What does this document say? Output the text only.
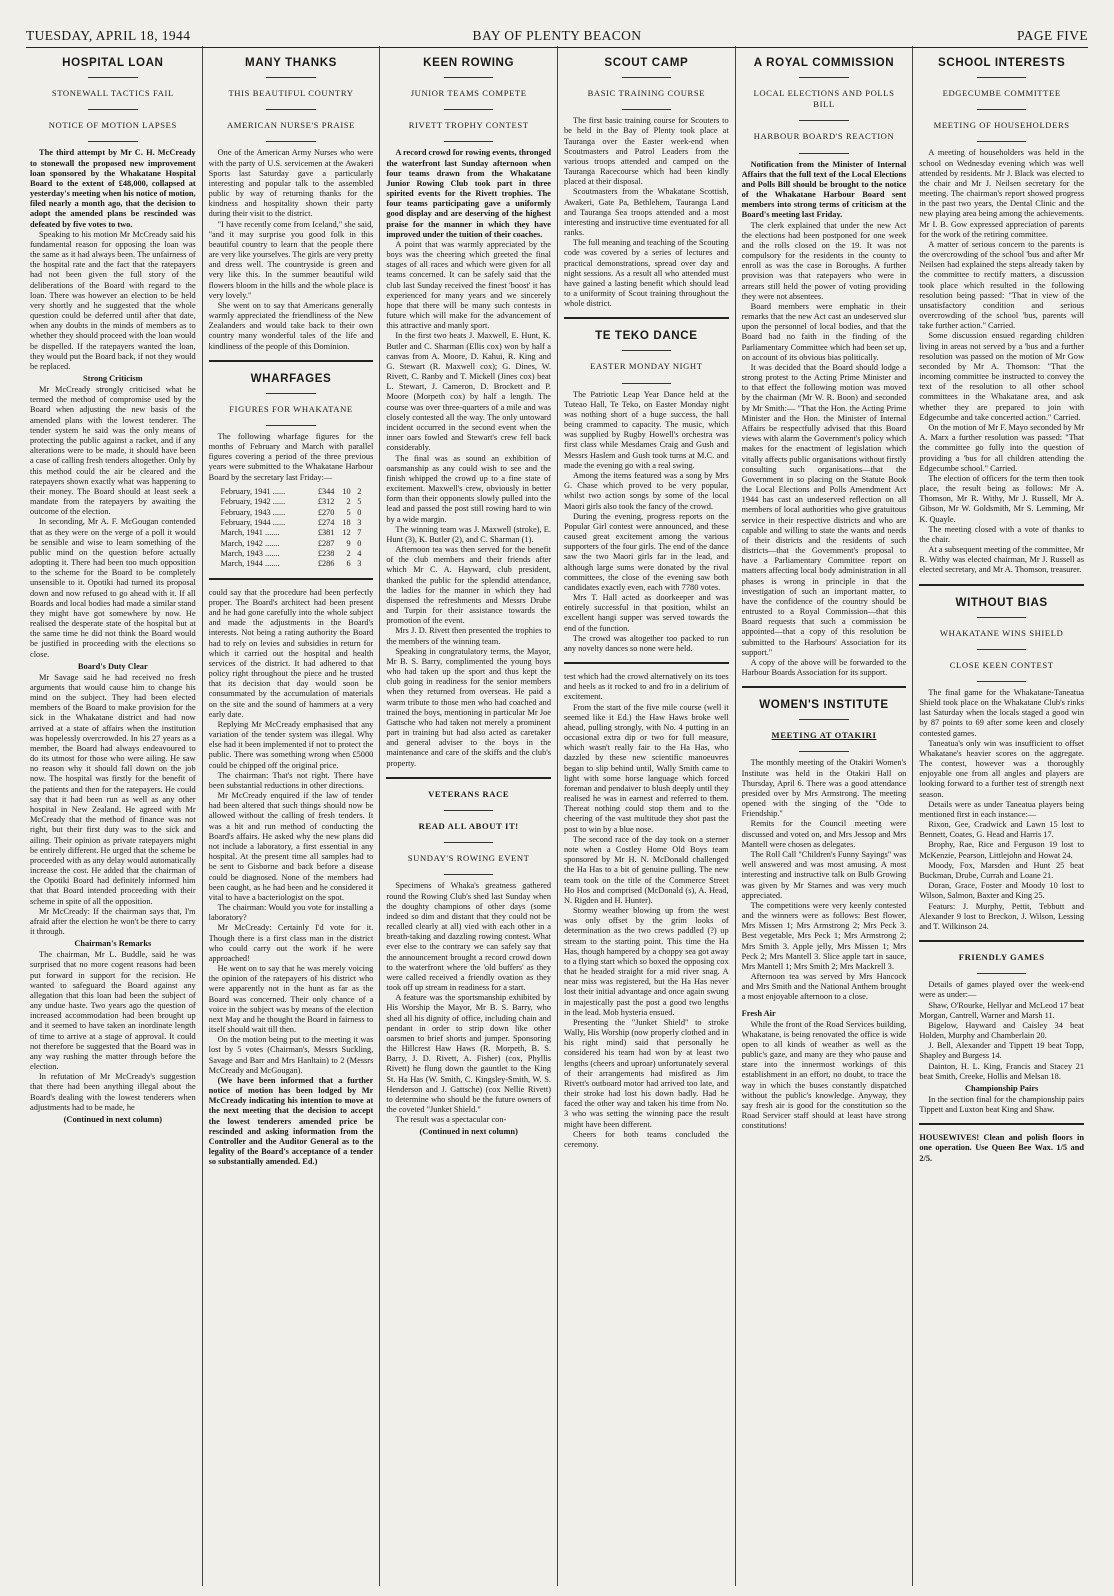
TUESDAY, APRIL 18, 1944	BAY OF PLENTY BEACON	PAGE FIVE
HOSPITAL LOAN
STONEWALL TACTICS FAIL
NOTICE OF MOTION LAPSES

The third attempt by Mr C. H. McCready to stonewall the proposed new improvement loan sponsored by the Whakatane Hospital Board to the extent of £48,000, collapsed at yesterday's meeting when his notice of motion, filed nearly a month ago, that the decision to adopt the amended plans be rescinded was defeated by five votes to two.

Speaking to his motion Mr McCready said his fundamental reason for opposing the loan was the same as it had always been. The unfairness of the hospital rate and the fact that the ratepayers had not been given the full story of the deliberations of the Board with regard to the loan. There was however an election to be held very shortly and he suggested that the whole question could be deferred until after that date, when any doubts in the minds of members as to whether they should proceed with the loan would be dispelled. If the ratepayers wanted the loan, they would put the Board back, if not they would be replaced.

Strong Criticism

Mr McCready strongly criticised what he termed the method of compromise used by the Board when adjusting the new basis of the amended plans with the lowest tenderer. The tender system he said was the only means of protecting the public against a racket, and if any alterations were to be made, it should have been a case of calling fresh tenders altogether. Only by this method could the air be cleared and the ratepayers shown exactly what was happening to their money. The Board should at least seek a mandate from the ratepayers by awaiting the outcome of the election.

In seconding, Mr A. F. McGougan contended that as they were on the verge of a poll it would be sensible and wise to learn something of the public mind on the question before actually adopting it. There had been too much opposition to the scheme for the Board to be completely unsensible to it. Opotiki had turned its proposal down and now refused to go ahead with it. If all Boards and local bodies had made a similar stand they might have got somewhere by now. He realised the desperate state of the hospital but at the same time he did not think the Board would be justified in proceeding with the elections so close.

Board's Duty Clear

Mr Savage said he had received no fresh arguments that would cause him to change his mind on the subject. They had been elected members of the Board to make provision for the sick in the Whakatane district and had now arrived at a state of affairs when the institution was hopelessly overcrowded. In his 27 years as a member, the Board had always endeavoured to do its utmost for those who were ailing. He saw no reason why it should fall down on the job now. The hospital was firstly for the benefit of the patients and then for the ratepayers. He could say that it had been run as well as any other hospital in New Zealand. He agreed with Mr McCready that the method of finance was not right, but their first duty was to the sick and ailing. Their opinion as private ratepayers might be entirely different. He urged that the scheme be proceeded with as any delay would automatically increase the cost. He added that the chairman of the Opotiki Board had definitely informed him that that Board intended proceeding with their scheme in spite of all the opposition.

Mr McCready: If the chairman says that, I'm afraid after the election he won't be there to carry it through.

Chairman's Remarks

The chairman, Mr L. Buddle, said he was surprised that no more cogent reasons had been put forward in support for the recision. He wanted to safeguard the Board against any allegation that this loan had been the subject of any undue haste. Two years ago the question of increased accommodation had been brought up and it seemed to have taken an inordinate length of time to arrive at a stage of approval. It could not therefore be suggested that the Board was in any way rushing the matter through before the election.

In refutation of Mr McCready's suggestion that there had been anything illegal about the Board's dealing with the lowest tenderers when adjustments had to be made, he

(Continued in next column)
MANY THANKS
THIS BEAUTIFUL COUNTRY
AMERICAN NURSE'S PRAISE

One of the American Army Nurses who were with the party of U.S. servicemen at the Awakeri Sports last Saturday gave a particularly interesting and popular talk to the assembled public by way of returning thanks for the kindness and hospitality shown their party during their visit to the district.

"I have recently come from Iceland," she said, "and it may surprise you good folk in this beautiful country to learn that the people there are very like yourselves. The girls are very pretty and dress well. The countryside is green and very like this. In the summer beautiful wild flowers bloom in the hills and the whole place is very lovely."

She went on to say that Americans generally warmly appreciated the friendliness of the New Zealanders and would take back to their own country many wonderful tales of the life and kindliness of the people of this Dominion.

WHARFAGES
FIGURES FOR WHAKATANE

The following wharfage figures for the months of February and March with parallel figures covering a period of the three previous years were submitted to the Whakatane Harbour Board by the secretary last Friday:—

February, 1941 ......	£344	10	2
February, 1942 ......	£312	2	5
February, 1943 ......	£270	5	0
February, 1944 ......	£274	18	3
March, 1941 .......	£381	12	7
March, 1942 .......	£287	9	0
March, 1943 .......	£238	2	4
March, 1944 .......	£286	6	3

could say that the procedure had been perfectly proper. The Board's architect had been present and he had gone carefully into the whole subject and made the adjustments in the Board's interests. Not being a rating authority the Board had to rely on levies and subsidies in return for which it carried out the hospital and health services of the district. It had adhered to that policy right throughout the piece and he trusted that its decision that day would soon be consummated by the accumulation of materials on the site and the sound of hammers at a very early date.

Replying Mr McCready emphasised that any variation of the tender system was illegal. Why else had it been implemented if not to protect the public. There was something wrong when £5000 could be chipped off the original price.

The chairman: That's not right. There have been substantial reductions in other directions.

Mr McCready enquired if the law of tender had been altered that such things should now be allowed without the calling of fresh tenders. It was a hit and run method of conducting the Board's affairs. He asked why the new plans did not include a laboratory, a first essential in any hospital. At the present time all samples had to be sent to Gisborne and back before a disease could be diagnosed. None of the members had been caught, as he had been and he considered it vital to have a bacteriologist on the spot.

The chairman: Would you vote for installing a laboratory?

Mr McCready: Certainly I'd vote for it. Though there is a first class man in the district who could carry out the work if he were approached!

He went on to say that he was merely voicing the opinion of the ratepayers of his district who were apparently not in the hunt as far as the Board was concerned. Their only chance of a voice in the subject was by means of the election next May and he thought the Board in fairness to itself should wait till then.

On the motion being put to the meeting it was lost by 5 votes (Chairman's, Messrs Suckling, Savage and Barr and Mrs Hanltain) to 2 (Messrs McCready and McGougan).

(We have been informed that a further notice of motion has been lodged by Mr McCready indicating his intention to move at the next meeting that the decision to accept the lowest tenderers amended price be rescinded and asking information from the Controller and the Auditor General as to the legality of the Board's acceptance of a tender so substantially amended. Ed.)

KEEN ROWING
JUNIOR TEAMS COMPETE
RIVETT TROPHY CONTEST

A record crowd for rowing events, thronged the waterfront last Sunday afternoon when four teams drawn from the Whakatane Junior Rowing Club took part in three spirited events for the Rivett trophies. The four teams participating gave a uniformly good display and are deserving of the highest praise for the manner in which they have improved under the tuition of their coaches.

A point that was warmly appreciated by the boys was the cheering which greeted the final stages of all races and which were given for all teams concerned. It can be safely said that the club last Sunday received the finest 'boost' it has experienced for many years and we sincerely hope that there will be many such contests in future which will make for the advancement of this attractive and manly sport.

In the first two heats J. Maxwell, E. Hunt, K. Butler and C. Sharman (Ellis cox) won by half a canvas from A. Moore, D. Kahui, R. King and G. Stewart (R. Maxwell cox); G. Dines, W. Rivett, C. Ranby and T. Mickell (Jines cox) beat L. Stewart, J. Cameron, D. Brockett and P. Moore (Morpeth cox) by half a length. The course was over three-quarters of a mile and was closely contested all the way. The only untoward incident occurred in the second event when the inner oars fowled and Stewart's crew fell back considerably.

The final was as sound an exhibition of oarsmanship as any could wish to see and the finish whipped the crowd up to a fine state of excitement. Maxwell's crew, obviously in better form than their opponents slowly pulled into the lead and passed the post still rowing hard to win by a wide margin.

The winning team was J. Maxwell (stroke), E. Hunt (3), K. Butler (2), and C. Sharman (1).

Afternoon tea was then served for the benefit of the club members and their friends after which Mr C. A. Hayward, club president, thanked the public for the splendid attendance, the ladies for the manner in which they had dispensed the refreshments and Messrs Drube and Turpin for their assistance towards the promotion of the event.

Mrs J. D. Rivett then presented the trophies to the members of the winning team.

Speaking in congratulatory terms, the Mayor, Mr B. S. Barry, complimented the young boys who had taken up the sport and thus kept the club going in readiness for the senior members when they returned from overseas. He paid a warm tribute to those men who had coached and trained the boys, mentioning in particular Mr Joe Gattsche who had taken not merely a prominent part in training but had also acted as caretaker and general adviser to the boys in the maintenance and care of the skiffs and the club's property.

VETERANS RACE
READ ALL ABOUT IT!
SUNDAY'S ROWING EVENT

Specimens of Whaka's greatness gathered round the Rowing Club's shed last Sunday when the doughty champions of other days (some indeed so dim and distant that they could not be recalled clearly at all) vied with each other in a breath-taking and dazzling rowing contest. What ever else to the contrary we can safely say that the announcement brought a record crowd down to the waterfront where the 'old buffers' as they were called received a friendly ovation as they took off up stream in readiness for a start.

A feature was the sportsmanship exhibited by His Worship the Mayor, Mr B. S. Barry, who shed all his dignity of office, including chain and pendant in order to strip down like other oarsmen to brief shorts and jumper. Sponsoring the Hillcrest Haw Haws (R. Morpeth, B. S. Barry, J. D. Rivett, A. Fisher) (cox, Phyllis Rivett) he flung down the gauntlet to the King St. Ha Has (W. Smith, C. Kingsley-Smith, W. S. Henderson and J. Gattsche) (cox Nellie Rivett) to determine who should be the future owners of the coveted "Junket Shield."

The result was a spectacular con-

(Continued in next column)
SCOUT CAMP
BASIC TRAINING COURSE

The first basic training course for Scouters to be held in the Bay of Plenty took place at Tauranga over the Easter week-end when Scoutmasters and Patrol Leaders from the various troops attended and camped on the Tauranga Racecourse which had been kindly placed at their disposal.

Scoutmasters from the Whakatane Scottish, Awakeri, Gate Pa, Bethlehem, Tauranga Land and Tauranga Sea troops attended and a most interesting and instructive time eventuated for all ranks.

The full meaning and teaching of the Scouting code was covered by a series of lectures and practical demonstrations, spread over day and night sessions. As a result all who attended must have gained a lasting benefit which should lead to a uniformity of Scout training throughout the whole district.

TE TEKO DANCE
EASTER MONDAY NIGHT

The Patriotic Leap Year Dance held at the Tuteao Hall, Te Teko, on Easter Monday night was nothing short of a huge success, the hall being crammed to capacity. The music, which was supplied by Rugby Howell's orchestra was first class while Mesdames Craig and Gush and Messrs Haslem and Gush took turns at M.C. and made the evening go with a real swing.

Among the items featured was a song by Mrs G. Chase which proved to be very popular, whilst two action songs by some of the local Maori girls also took the fancy of the crowd.

During the evening, progress reports on the Popular Girl contest were announced, and these caused great excitement among the various supporters of the four girls. The end of the dance saw the two Maori girls far in the lead, and although large sums were donated by the rival committees, the close of the evening saw both candidates exactly even, each with 7780 votes.

Mrs T. Hall acted as doorkeeper and was entirely successful in that position, whilst an excellent hangi supper was served towards the end of the function.

The crowd was altogether too packed to run any novelty dances so none were held.

test which had the crowd alternatively on its toes and heels as it rocked to and fro in a delirium of excitement.

From the start of the five mile course (well it seemed like it Ed.) the Haw Haws broke well ahead, pulling strongly, with No. 4 putting in an occasional extra dip or two for full measure, which wasn't really fair to the Ha Has, who dazzled by these new scientific manoeuvres began to slip behind until, Wally Smith came to light with some horse language which forced foreman and pendaiver to blush deeply until they realised he was in earnest and referred to them. Thereat nothing could stop them and to the cheering of the vast multitude they shot past the post to win by a blue nose.

The second race of the day took on a sterner note when a Costley Home Old Boys team sponsored by Mr H. N. McDonald challenged the Ha Has to a bit of genuine pulling. The new team took on the title of the Commerce Street Ho Hos and comprised (McDonald (s), A. Head, N. Rigden and H. Hunter).

Stormy weather blowing up from the west was only offset by the grim looks of determination as the two crews paddled (?) up stream to the starting point. This time the Ha Has, though hampered by a choppy sea got away to a flying start which so boxed the opposing cox that he headed straight for a mid river snag. A near miss was registered, but the Ha Has never lost their initial advantage and once again swung in majestically past the post a good two lengths in the lead. Mob hysteria ensued.

Presenting the "Junket Shield" to stroke Wally, His Worship (now properly clothed and in his right mind) said that personally he considered his team had won by at least two lengths (cheers and uproar) unfortunately several of their arrangements had misfired as Jim Rivett's outboard motor had arrived too late, and their stroke had lost his down badly. Had he faced the other way and taken his time from No. 3 who was setting the winning pace the result might have been different.

Cheers for both teams concluded the ceremony.

A ROYAL COMMISSION
LOCAL ELECTIONS AND POLLS BILL
HARBOUR BOARD'S REACTION

Notification from the Minister of Internal Affairs that the full text of the Local Elections and Polls Bill should be brought to the notice of the Whakatane Harbour Board sent members into strong terms of criticism at the Board's meeting last Friday.

The clerk explained that under the new Act the elections had been postponed for one week and the rolls closed on the 19. It was not compulsory for the residents in the county to enroll as was the case in Boroughs. A further provision was that ratepayers who were in arrears still held the power of voting providing they were not absentees.

Board members were emphatic in their remarks that the new Act cast an undeserved slur upon the personnel of local bodies, and that the Board had no faith in the finding of the Parliamentary Committee which had been set up, on account of its obvious bias politically.

It was decided that the Board should lodge a strong protest to the Acting Prime Minister and to that effect the following motion was moved by the chairman (Mr W. R. Boon) and seconded by Mr Smith:— "That the Hon. the Acting Prime Minister and the Hon. the Minister of Internal Affairs be respectfully advised that this Board views with alarm the Government's policy which makes for the enactment of legislation which vitally affects public organisations without firstly consulting such organisations—that the Government in so placing on the Statute Book the Local Elections and Polls Amendment Act 1944 has cast an undeserved reflection on all members of local authorities who give gratuitous service in their respective districts and who are capable and willing to state the wants and needs of their districts and the residents of such districts—that the Government's proposal to have a Parliamentary Committee report on matters affecting local body administration in all phases is wrong in principle in that the investigation of such an important matter, to have the confidence of the country should be entrusted to a Royal Commission—that this Board requests that such a commission be appointed—that a copy of this resolution be submitted to the Harbours' Association for its support."

A copy of the above will be forwarded to the Harbour Boards Association for its support.

WOMEN'S INSTITUTE
MEETING AT OTAKIRI

The monthly meeting of the Otakiri Women's Institute was held in the Otakiri Hall on Thursday, April 6. There was a good attendance presided over by Mrs Armstrong. The meeting opened with the singing of the "Ode to Friendship."

Remits for the Council meeting were discussed and voted on, and Mrs Jessop and Mrs Mantell were chosen as delegates.

The Roll Call "Children's Funny Sayings" was well answered and was most amusing. A most interesting and instructive talk on Bulb Growing was given by Mr Starnes and was very much appreciated.

The competitions were very keenly contested and the winners were as follows: Best flower, Mrs Missen 1; Mrs Armstrong 2; Mrs Peck 3. Best vegetable, Mrs Peck 1; Mrs Armstrong 2; Mrs Smith 3. Apple jelly, Mrs Missen 1; Mrs Peck 2; Mrs Mantell 3. Slice apple tart in sauce, Mrs Mantell 1; Mrs Smith 2; Mrs Mackrell 3.

Afternoon tea was served by Mrs Hancock and Mrs Smith and the National Anthem brought a most enjoyable afternoon to a close.

Fresh Air

While the front of the Road Services building, Whakatane, is being renovated the office is wide open to all kinds of weather as well as the public's gaze, and many are they who pause and stare into the innermost workings of this establishment in an effort, no doubt, to trace the way in which the buses constantly dispatched without the public's knowledge. Anyway, they say fresh air is good for the constitution so the Road Servicer staff should at least have strong constitutions!

SCHOOL INTERESTS
EDGECUMBE COMMITTEE
MEETING OF HOUSEHOLDERS

A meeting of householders was held in the school on Wednesday evening which was well attended by residents. Mr J. Black was elected to the chair and Mr J. Neilsen secretary for the meeting. The chairman's report showed progress in the past two years, the Dental Clinic and the new playing area being among the achievements. Mr I. B. Gow expressed appreciation of parents for the work of the retiring committee.

A matter of serious concern to the parents is the overcrowding of the school 'bus and after Mr Neilsen had explained the steps already taken by the committee to rectify matters, a discussion took place which resulted in the following resolution being passed: "That in view of the unsatisfactory condition and serious overcrowding of the school 'bus, parents will take further action." Carried.

Some discussion ensued regarding children living in areas not served by a 'bus and a further resolution was passed on the motion of Mr Gow seconded by Mr A. Thomson: "That the incoming committee be instructed to convey the text of the resolution to all other school committees in the Whakatane area, and ask whether they are prepared to join with Edgecumbe and take concerted action." Carried.

On the motion of Mr F. Mayo seconded by Mr A. Marx a further resolution was passed: "That the committee go fully into the question of providing a 'bus for all children attending the Edgecumbe school." Carried.

The election of officers for the term then took place, the result being as follows: Mr A. Thomson, Mr R. Withy, Mr J. Russell, Mr A. Gibson, Mr W. Goldsmith, Mr S. Lemming, Mr K. Quayle.

The meeting closed with a vote of thanks to the chair.

At a subsequent meeting of the committee, Mr R. Withy was elected chairman, Mr J. Russell as elected secretary, and Mr A. Thomson, treasurer.

WITHOUT BIAS
WHAKATANE WINS SHIELD
CLOSE KEEN CONTEST

The final game for the Whakatane-Taneatua Shield took place on the Whakatane Club's rinks last Saturday when the locals staged a good win by 87 points to 69 after some keen and closely contested games.

Taneatua's only win was insufficient to offset Whakatane's heavier scores on the aggregate. The contest, however was a thoroughly enjoyable one from all angles and players are looking forward to a further test of strength next season.

Details were as under Taneatua players being mentioned first in each instance:—

Rixon, Gee, Cradwick and Lawn 15 lost to Bennett, Coates, G. Head and Harris 17.

Brophy, Rae, Rice and Ferguson 19 lost to McKenzie, Pearson, Littlejohn and Howat 24.

Moody, Fox, Marsden and Hunt 25 beat Buckman, Drube, Currah and Loane 21.

Doran, Grace, Foster and Moody 10 lost to Wilson, Salmon, Baxter and King 25.

Featurs: J. Murphy, Pettit, Tebbutt and Alexander 9 lost to Breckon, J. Wilson, Lessing and T. Wilkinson 24.

FRIENDLY GAMES

Details of games played over the week-end were as under:—

Shaw, O'Rourke, Hellyar and McLeod 17 beat Morgan, Cantrell, Warner and Marsh 11.

Bigelow, Hayward and Caisley 34 beat Holden, Murphy and Chamberlain 20.

J. Bell, Alexander and Tippett 19 beat Topp, Shapley and Burgess 14.

Dainton, H. L. King, Francis and Stacey 21 beat Smith, Creeke, Hollis and Melsan 18.

Championship Pairs

In the section final for the championship pairs Tippett and Luxton beat King and Shaw.

HOUSEWIVES! Clean and polish floors in one operation. Use Queen Bee Wax. 1/5 and 2/5.
